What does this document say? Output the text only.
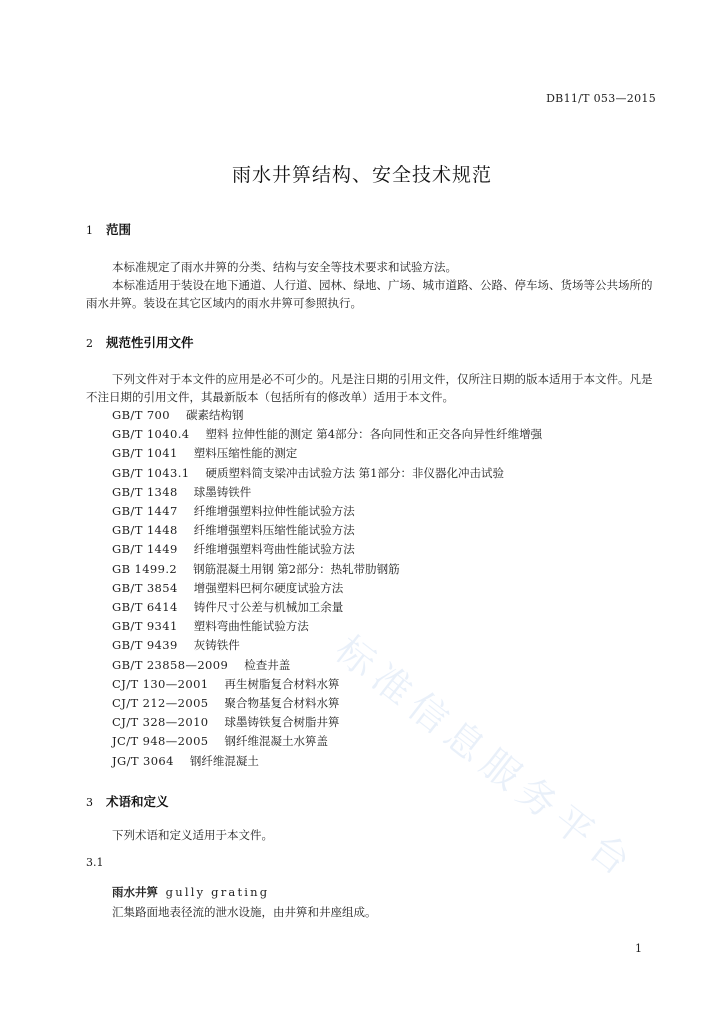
DB11/T 053—2015
雨水井箅结构、安全技术规范
1 范围
本标准规定了雨水井箅的分类、结构与安全等技术要求和试验方法。
本标准适用于装设在地下通道、人行道、园林、绿地、广场、城市道路、公路、停车场、货场等公共场所的雨水井箅。装设在其它区域内的雨水井箅可参照执行。
2 规范性引用文件
下列文件对于本文件的应用是必不可少的。凡是注日期的引用文件，仅所注日期的版本适用于本文件。凡是不注日期的引用文件，其最新版本（包括所有的修改单）适用于本文件。
GB/T 700 碳素结构钢
GB/T 1040.4 塑料 拉伸性能的测定 第4部分：各向同性和正交各向异性纤维增强
GB/T 1041 塑料压缩性能的测定
GB/T 1043.1 硬质塑料简支梁冲击试验方法 第1部分：非仪器化冲击试验
GB/T 1348 球墨铸铁件
GB/T 1447 纤维增强塑料拉伸性能试验方法
GB/T 1448 纤维增强塑料压缩性能试验方法
GB/T 1449 纤维增强塑料弯曲性能试验方法
GB 1499.2 钢筋混凝土用钢 第2部分：热轧带肋钢筋
GB/T 3854 增强塑料巴柯尔硬度试验方法
GB/T 6414 铸件尺寸公差与机械加工余量
GB/T 9341 塑料弯曲性能试验方法
GB/T 9439 灰铸铁件
GB/T 23858—2009 检查井盖
CJ/T 130—2001 再生树脂复合材料水箅
CJ/T 212—2005 聚合物基复合材料水箅
CJ/T 328—2010 球墨铸铁复合树脂井箅
JC/T 948—2005 钢纤维混凝土水箅盖
JG/T 3064 钢纤维混凝土
3 术语和定义
下列术语和定义适用于本文件。
3.1
雨水井箅 gully grating
汇集路面地表径流的泄水设施，由井箅和井座组成。
1
标准信息服务平台
